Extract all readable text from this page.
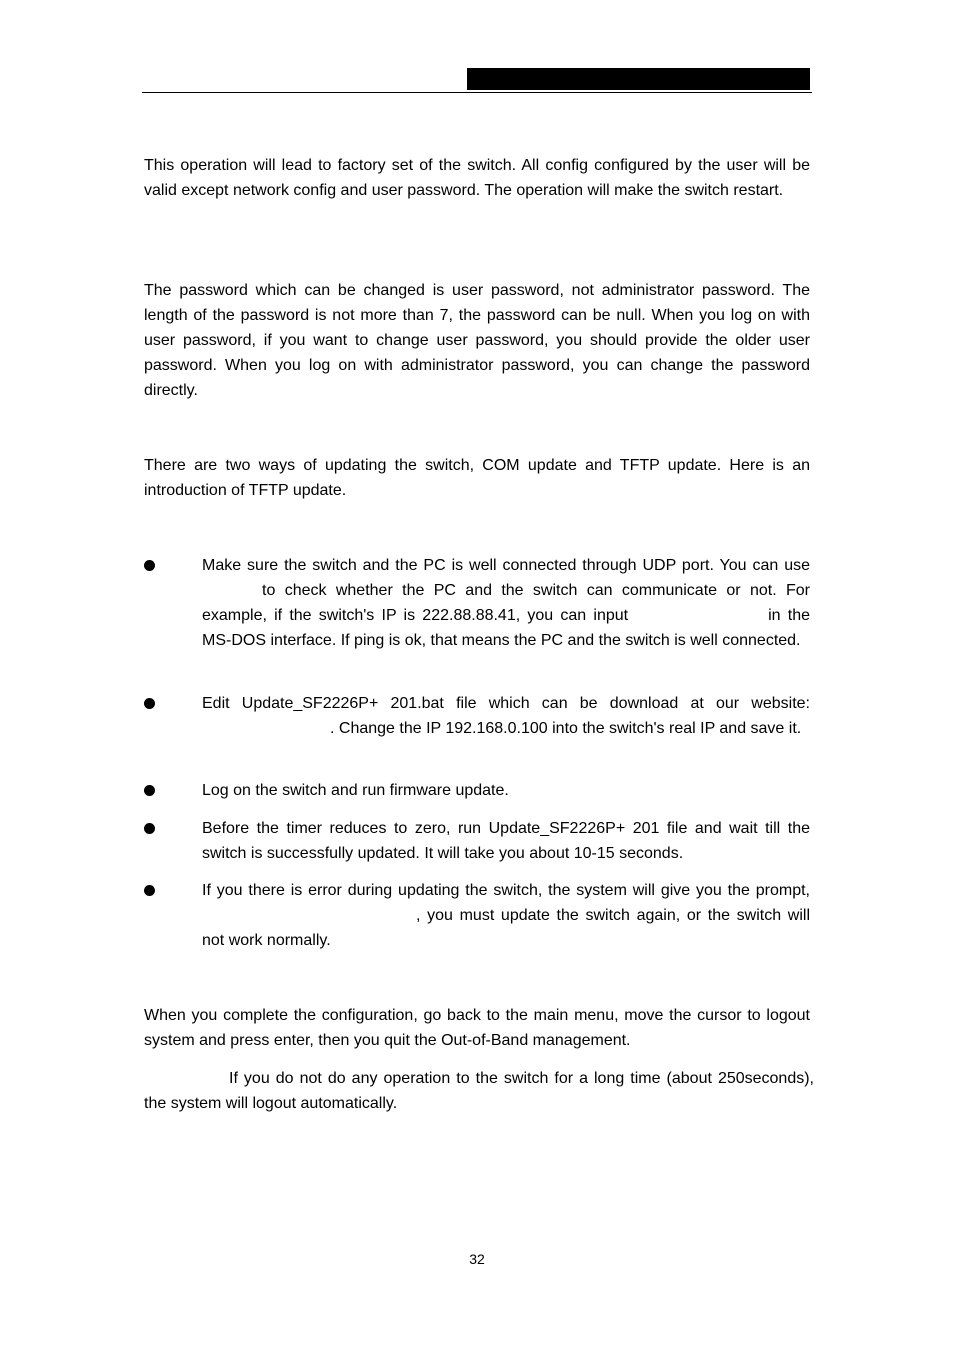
This operation will lead to factory set of the switch. All config configured by the user will be valid except network config and user password. The operation will make the switch restart.

The password which can be changed is user password, not administrator password. The length of the password is not more than 7, the password can be null. When you log on with user password, if you want to change user password, you should provide the older user password. When you log on with administrator password, you can change the password directly.

There are two ways of updating the switch, COM update and TFTP update. Here is an introduction of TFTP update.

Make sure the switch and the PC is well connected through UDP port. You can useto check whether the PC and the switch can communicate or not. For example, if the switch's IP is 222.88.88.41, you can input	in the MS-DOS interface. If ping is ok, that means the PC and the switch is well connected.
Edit Update_SF2226P+ 201.bat file which can be download at our website: . Change the IP 192.168.0.100 into the switch's real IP and save it.
Log on the switch and run firmware update.
Before the timer reduces to zero, run Update_SF2226P+ 201 file and wait till the switch is successfully updated. It will take you about 10-15 seconds.
If you there is error during updating the switch, the system will give you the prompt, , you must update the switch again, or the switch will not work normally.

When you complete the configuration, go back to the main menu, move the cursor to logout system and press enter, then you quit the Out-of-Band management.

If you do not do any operation to the switch for a long time (about 250seconds), the system will logout automatically.

32
